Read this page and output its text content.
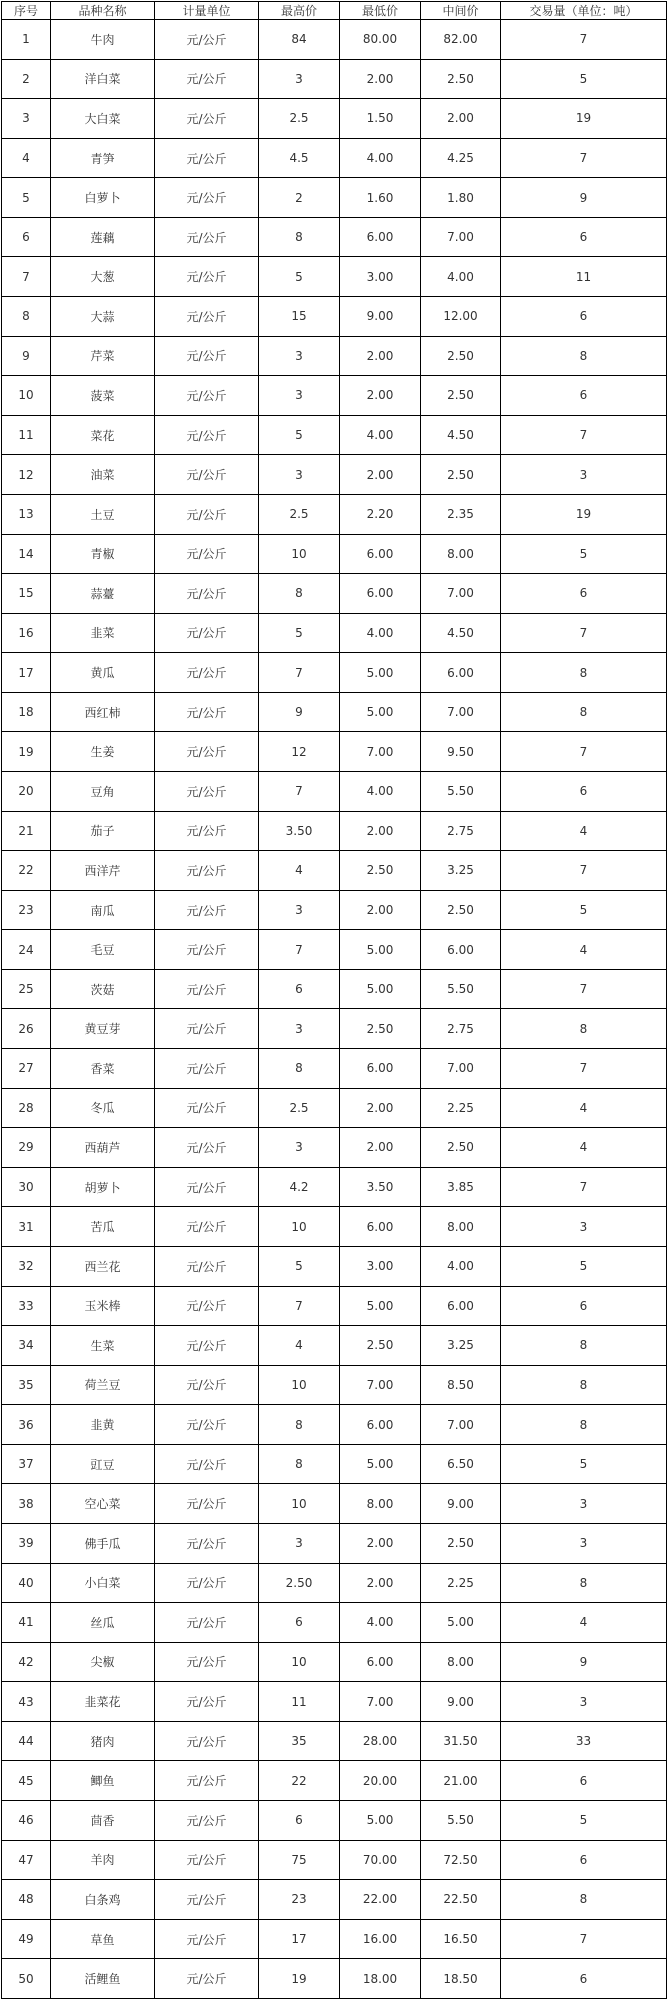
序号	品种名称	计量单位	最高价	最低价	中间价	交易量（单位：吨）
1	牛肉	元/公斤	84	80.00	82.00	7
2	洋白菜	元/公斤	3	2.00	2.50	5
3	大白菜	元/公斤	2.5	1.50	2.00	19
4	青笋	元/公斤	4.5	4.00	4.25	7
5	白萝卜	元/公斤	2	1.60	1.80	9
6	莲藕	元/公斤	8	6.00	7.00	6
7	大葱	元/公斤	5	3.00	4.00	11
8	大蒜	元/公斤	15	9.00	12.00	6
9	芹菜	元/公斤	3	2.00	2.50	8
10	菠菜	元/公斤	3	2.00	2.50	6
11	菜花	元/公斤	5	4.00	4.50	7
12	油菜	元/公斤	3	2.00	2.50	3
13	土豆	元/公斤	2.5	2.20	2.35	19
14	青椒	元/公斤	10	6.00	8.00	5
15	蒜薹	元/公斤	8	6.00	7.00	6
16	韭菜	元/公斤	5	4.00	4.50	7
17	黄瓜	元/公斤	7	5.00	6.00	8
18	西红柿	元/公斤	9	5.00	7.00	8
19	生姜	元/公斤	12	7.00	9.50	7
20	豆角	元/公斤	7	4.00	5.50	6
21	茄子	元/公斤	3.50	2.00	2.75	4
22	西洋芹	元/公斤	4	2.50	3.25	7
23	南瓜	元/公斤	3	2.00	2.50	5
24	毛豆	元/公斤	7	5.00	6.00	4
25	茨菇	元/公斤	6	5.00	5.50	7
26	黄豆芽	元/公斤	3	2.50	2.75	8
27	香菜	元/公斤	8	6.00	7.00	7
28	冬瓜	元/公斤	2.5	2.00	2.25	4
29	西葫芦	元/公斤	3	2.00	2.50	4
30	胡萝卜	元/公斤	4.2	3.50	3.85	7
31	苦瓜	元/公斤	10	6.00	8.00	3
32	西兰花	元/公斤	5	3.00	4.00	5
33	玉米棒	元/公斤	7	5.00	6.00	6
34	生菜	元/公斤	4	2.50	3.25	8
35	荷兰豆	元/公斤	10	7.00	8.50	8
36	韭黄	元/公斤	8	6.00	7.00	8
37	豇豆	元/公斤	8	5.00	6.50	5
38	空心菜	元/公斤	10	8.00	9.00	3
39	佛手瓜	元/公斤	3	2.00	2.50	3
40	小白菜	元/公斤	2.50	2.00	2.25	8
41	丝瓜	元/公斤	6	4.00	5.00	4
42	尖椒	元/公斤	10	6.00	8.00	9
43	韭菜花	元/公斤	11	7.00	9.00	3
44	猪肉	元/公斤	35	28.00	31.50	33
45	鲫鱼	元/公斤	22	20.00	21.00	6
46	茴香	元/公斤	6	5.00	5.50	5
47	羊肉	元/公斤	75	70.00	72.50	6
48	白条鸡	元/公斤	23	22.00	22.50	8
49	草鱼	元/公斤	17	16.00	16.50	7
50	活鲤鱼	元/公斤	19	18.00	18.50	6
